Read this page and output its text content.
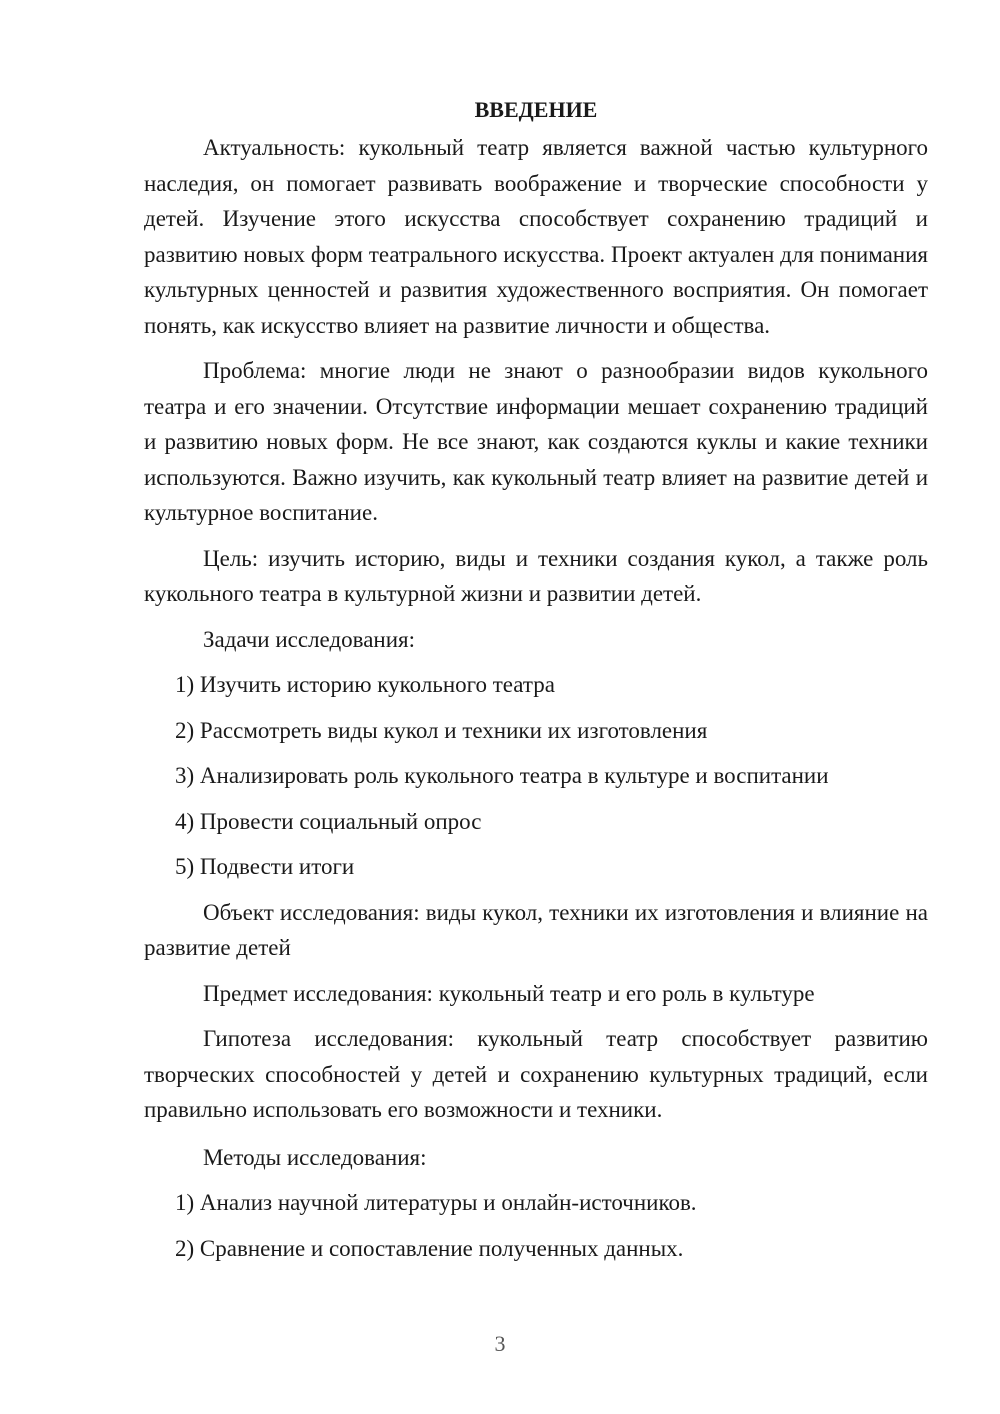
ВВЕДЕНИЕ

Актуальность: кукольный театр является важной частью культурного наследия, он помогает развивать воображение и творческие способности у детей. Изучение этого искусства способствует сохранению традиций и развитию новых форм театрального искусства. Проект актуален для понимания культурных ценностей и развития художественного восприятия. Он помогает понять, как искусство влияет на развитие личности и общества.

Проблема: многие люди не знают о разнообразии видов кукольного театра и его значении. Отсутствие информации мешает сохранению традиций и развитию новых форм. Не все знают, как создаются куклы и какие техники используются. Важно изучить, как кукольный театр влияет на развитие детей и культурное воспитание.

Цель: изучить историю, виды и техники создания кукол, а также роль кукольного театра в культурной жизни и развитии детей.

Задачи исследования:
1) Изучить историю кукольного театра
2) Рассмотреть виды кукол и техники их изготовления
3) Анализировать роль кукольного театра в культуре и воспитании
4) Провести социальный опрос
5) Подвести итоги

Объект исследования: виды кукол, техники их изготовления и влияние на развитие детей

Предмет исследования: кукольный театр и его роль в культуре

Гипотеза исследования: кукольный театр способствует развитию творческих способностей у детей и сохранению культурных традиций, если правильно использовать его возможности и техники.

Методы исследования:
1) Анализ научной литературы и онлайн-источников.
2) Сравнение и сопоставление полученных данных.
3
